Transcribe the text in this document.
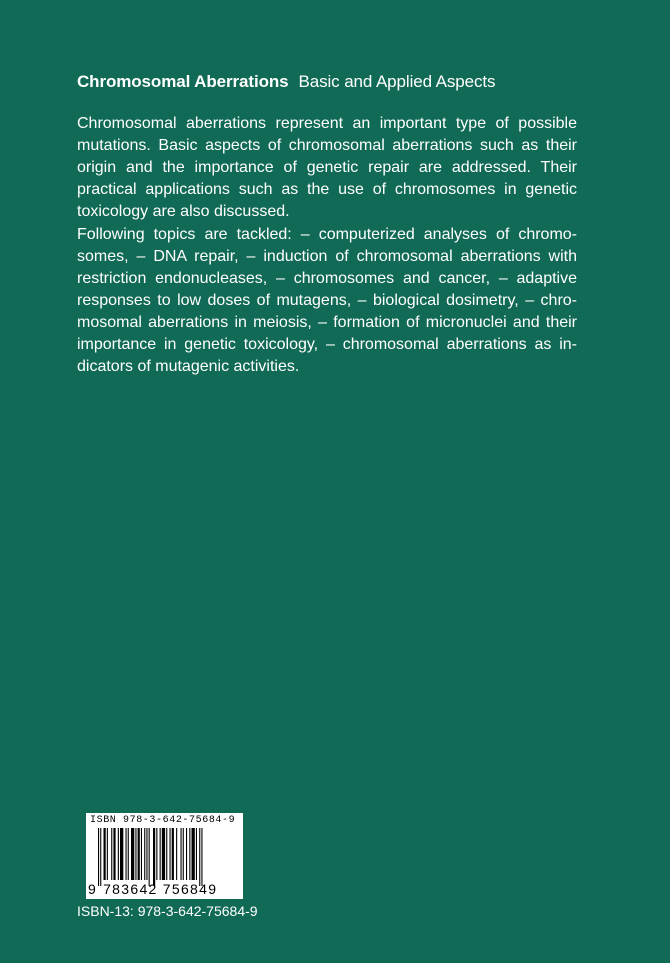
Chromosomal Aberrations Basic and Applied Aspects
Chromosomal aberrations represent an important type of possible
mutations. Basic aspects of chromosomal aberrations such as their
origin and the importance of genetic repair are addressed. Their
practical applications such as the use of chromosomes in genetic
toxicology are also discussed.
Following topics are tackled: – computerized analyses of chromo-
somes, – DNA repair, – induction of chromosomal aberrations with
restriction endonucleases, – chromosomes and cancer, – adaptive
responses to low doses of mutagens, – biological dosimetry, – chro-
mosomal aberrations in meiosis, – formation of micronuclei and their
importance in genetic toxicology, – chromosomal aberrations as in-
dicators of mutagenic activities.
ISBN 978-3-642-75684-9
9 783642 756849
ISBN-13: 978-3-642-75684-9
